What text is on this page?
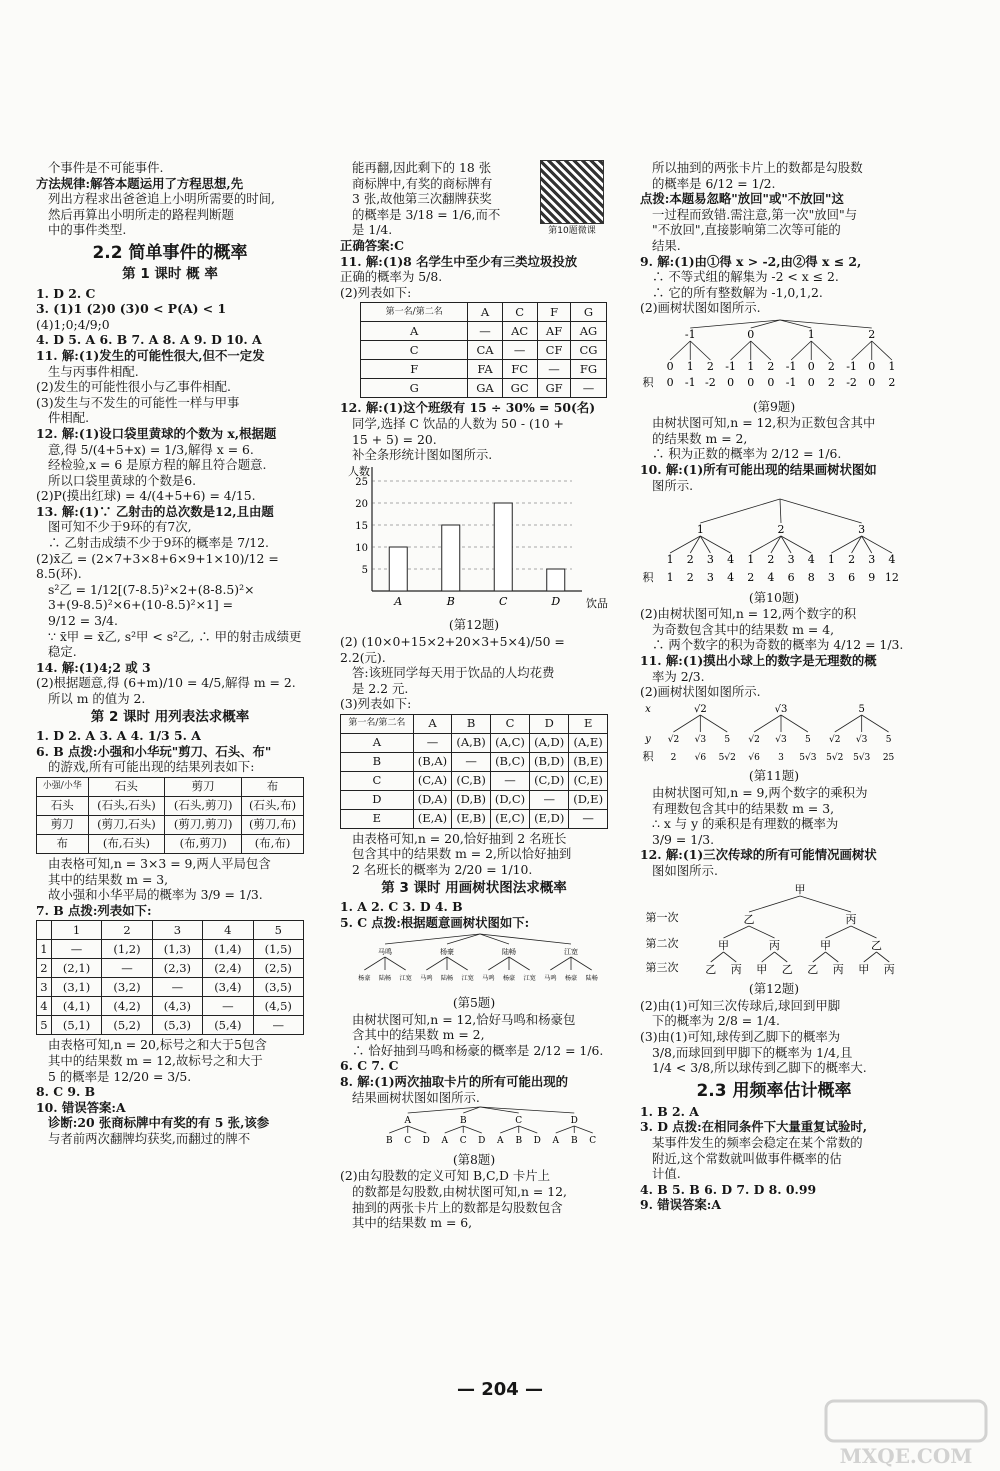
个事件是不可能事件.

方法规律:解答本题运用了方程思想,先

列出方程求出爸爸追上小明所需要的时间,

然后再算出小明所走的路程判断题

中的事件类型.

2.2 简单事件的概率
第 1 课时 概 率

1. D 2. C

3. (1)1 (2)0 (3)0 < P(A) < 1

(4)1;0;4/9;0

4. D 5. A 6. B 7. A 8. A 9. D 10. A

11. 解:(1)发生的可能性很大,但不一定发

生与丙事件相配.

(2)发生的可能性很小与乙事件相配.

(3)发生与不发生的可能性一样与甲事

件相配.

12. 解:(1)设口袋里黄球的个数为 x,根据题

意,得 5/(4+5+x) = 1/3,解得 x = 6.

经检验,x = 6 是原方程的解且符合题意.

所以口袋里黄球的个数是6.

(2)P(摸出红球) = 4/(4+5+6) = 4/15.

13. 解:(1)∵ 乙射击的总次数是12,且由题

图可知不少于9环的有7次,

∴ 乙射击成绩不少于9环的概率是 7/12.

(2)x̄乙 = (2×7+3×8+6×9+1×10)/12 =

8.5(环).

s²乙 = 1/12[(7-8.5)²×2+(8-8.5)²×

3+(9-8.5)²×6+(10-8.5)²×1] =

9/12 = 3/4.

∵ x̄甲 = x̄乙, s²甲 < s²乙, ∴ 甲的射击成绩更

稳定.

14. 解:(1)4;2 或 3

(2)根据题意,得 (6+m)/10 = 4/5,解得 m = 2.

所以 m 的值为 2.

第 2 课时 用列表法求概率

1. D 2. A 3. A 4. 1/3 5. A

6. B 点拨:小强和小华玩"剪刀、石头、布"

的游戏,所有可能出现的结果列表如下:

小强/小华	石头	剪刀	布
石头	(石头,石头)	(石头,剪刀)	(石头,布)
剪刀	(剪刀,石头)	(剪刀,剪刀)	(剪刀,布)
布	(布,石头)	(布,剪刀)	(布,布)

由表格可知,n = 3×3 = 9,两人平局包含

其中的结果数 m = 3,

故小强和小华平局的概率为 3/9 = 1/3.

7. B 点拨:列表如下:

	1	2	3	4	5
1	—	(1,2)	(1,3)	(1,4)	(1,5)
2	(2,1)	—	(2,3)	(2,4)	(2,5)
3	(3,1)	(3,2)	—	(3,4)	(3,5)
4	(4,1)	(4,2)	(4,3)	—	(4,5)
5	(5,1)	(5,2)	(5,3)	(5,4)	—

由表格可知,n = 20,标号之和大于5包含

其中的结果数 m = 12,故标号之和大于

5 的概率是 12/20 = 3/5.

8. C 9. B

10. 错误答案:A

诊断:20 张商标牌中有奖的有 5 张,该参

与者前两次翻牌均获奖,而翻过的牌不

第10题微课

能再翻,因此剩下的 18 张

商标牌中,有奖的商标牌有

3 张,故他第三次翻牌获奖

的概率是 3/18 = 1/6,而不

是 1/4.

正确答案:C

11. 解:(1)8 名学生中至少有三类垃圾投放

正确的概率为 5/8.

(2)列表如下:

第一名/第二名	A	C	F	G
A	—	AC	AF	AG
C	CA	—	CF	CG
F	FA	FC	—	FG
G	GA	GC	GF	—

12. 解:(1)这个班级有 15 ÷ 30% = 50(名)

同学,选择 C 饮品的人数为 50 - (10 +

15 + 5) = 20.

补全条形统计图如图所示.

人数
饮品
5
10
15
20
25
A	B	C	D
(第12题)

(2) (10×0+15×2+20×3+5×4)/50 = 2.2(元).

答:该班同学每天用于饮品的人均花费

是 2.2 元.

(3)列表如下:

第一名/第二名	A	B	C	D	E
A	—	(A,B)	(A,C)	(A,D)	(A,E)
B	(B,A)	—	(B,C)	(B,D)	(B,E)
C	(C,A)	(C,B)	—	(C,D)	(C,E)
D	(D,A)	(D,B)	(D,C)	—	(D,E)
E	(E,A)	(E,B)	(E,C)	(E,D)	—

由表格可知,n = 20,恰好抽到 2 名班长

包含其中的结果数 m = 2,所以恰好抽到

2 名班长的概率为 2/20 = 1/10.

第 3 课时 用画树状图法求概率

1. A 2. C 3. D 4. B

5. C 点拨:根据题意画树状图如下:

马鸣	杨豪	陆畅	江宽
杨豪 陆畅 江宽 马鸣 陆畅 江宽 马鸣 杨豪 江宽 马鸣 杨豪 陆畅
(第5题)

由树状图可知,n = 12,恰好马鸣和杨豪包

含其中的结果数 m = 2,

∴ 恰好抽到马鸣和杨豪的概率是 2/12 = 1/6.

6. C 7. C

8. 解:(1)两次抽取卡片的所有可能出现的

结果画树状图如图所示.

A	B	C	D
B C D A C D A B D A B C
(第8题)

(2)由勾股数的定义可知 B,C,D 卡片上

的数都是勾股数,由树状图可知,n = 12,

抽到的两张卡片上的数都是勾股数包含

其中的结果数 m = 6,

所以抽到的两张卡片上的数都是勾股数

的概率是 6/12 = 1/2.

点拨:本题易忽略"放回"或"不放回"这

一过程而致错.需注意,第一次"放回"与

"不放回",直接影响第二次等可能的

结果.

9. 解:(1)由①得 x > -2,由②得 x ≤ 2,

∴ 不等式组的解集为 -2 < x ≤ 2.

∴ 它的所有整数解为 -1,0,1,2.

(2)画树状图如图所示.

-1	0	1	2
0 1 2 -1 1 2 -1 0 2 -1 0 1
0 -1 -2 0 0 0 -1 0 2 -2 0 2
积
(第9题)

由树状图可知,n = 12,积为正数包含其中

的结果数 m = 2,

∴ 积为正数的概率为 2/12 = 1/6.

10. 解:(1)所有可能出现的结果画树状图如

图所示.

1	2	3
1 2 3 4 1 2 3 4 1 2 3 4
1 2 3 4 2 4 6 8 3 6 9 12
积
(第10题)

(2)由树状图可知,n = 12,两个数字的积

为奇数包含其中的结果数 m = 4,

∴ 两个数字的积为奇数的概率为 4/12 = 1/3.

11. 解:(1)摸出小球上的数字是无理数的概

率为 2/3.

(2)画树状图如图所示.

√2	√3	5
√2 √3 5 √2 √3 5 √2 √3 5
2 √6 5√2 √6 3 5√3 5√2 5√3 25
积
x
y
(第11题)

由树状图可知,n = 9,两个数字的乘积为

有理数包含其中的结果数 m = 3,

∴ x 与 y 的乘积是有理数的概率为

3/9 = 1/3.

12. 解:(1)三次传球的所有可能情况画树状

图如图所示.

第一次
第二次
第三次
甲
乙	丙
甲	丙	甲	乙
乙 丙 甲 乙 乙 丙 甲 丙
(第12题)

(2)由(1)可知三次传球后,球回到甲脚

下的概率为 2/8 = 1/4.

(3)由(1)可知,球传到乙脚下的概率为

3/8,而球回到甲脚下的概率为 1/4,且

1/4 < 3/8,所以球传到乙脚下的概率大.

2.3 用频率估计概率

1. B 2. A

3. D 点拨:在相同条件下大量重复试验时,

某事件发生的频率会稳定在某个常数的

附近,这个常数就叫做事件概率的估

计值.

4. B 5. B 6. D 7. D 8. 0.99

9. 错误答案:A

— 204 —
MXQE.COM
